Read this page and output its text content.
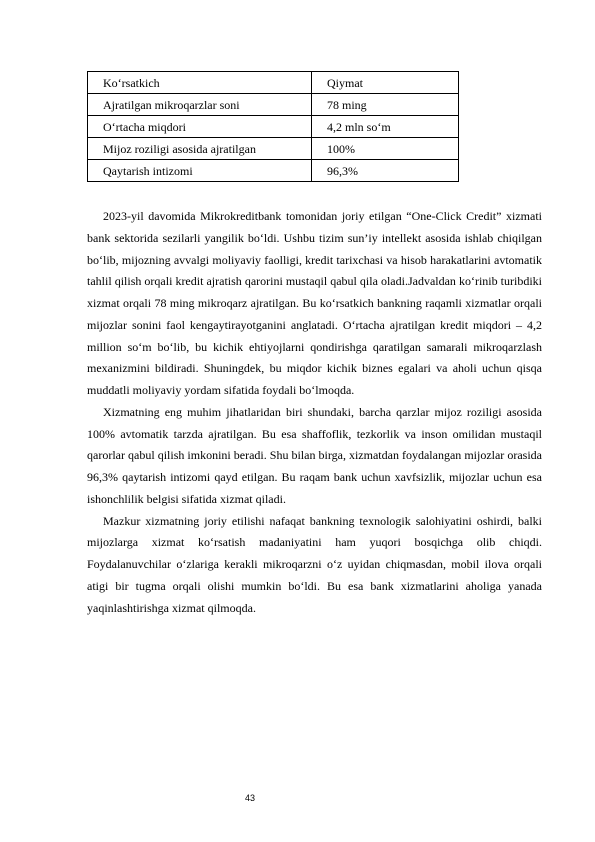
Ko‘rsatkich	Qiymat
Ajratilgan mikroqarzlar soni	78 ming
O‘rtacha miqdori	4,2 mln so‘m
Mijoz roziligi asosida ajratilgan	100%
Qaytarish intizomi	96,3%

2023-yil davomida Mikrokreditbank tomonidan joriy etilgan “One-Click Credit” xizmati bank sektorida sezilarli yangilik bo‘ldi. Ushbu tizim sun’iy intellekt asosida ishlab chiqilgan bo‘lib, mijozning avvalgi moliyaviy faolligi, kredit tarixchasi va hisob harakatlarini avtomatik tahlil qilish orqali kredit ajratish qarorini mustaqil qabul qila oladi.Jadvaldan ko‘rinib turibdiki xizmat orqali 78 ming mikroqarz ajratilgan. Bu ko‘rsatkich bankning raqamli xizmatlar orqali mijozlar sonini faol kengaytirayotganini anglatadi. O‘rtacha ajratilgan kredit miqdori – 4,2 million so‘m bo‘lib, bu kichik ehtiyojlarni qondirishga qaratilgan samarali mikroqarzlash mexanizmini bildiradi. Shuningdek, bu miqdor kichik biznes egalari va aholi uchun qisqa muddatli moliyaviy yordam sifatida foydali bo‘lmoqda.

Xizmatning eng muhim jihatlaridan biri shundaki, barcha qarzlar mijoz roziligi asosida 100% avtomatik tarzda ajratilgan. Bu esa shaffoflik, tezkorlik va inson omilidan mustaqil qarorlar qabul qilish imkonini beradi. Shu bilan birga, xizmatdan foydalangan mijozlar orasida 96,3% qaytarish intizomi qayd etilgan. Bu raqam bank uchun xavfsizlik, mijozlar uchun esa ishonchlilik belgisi sifatida xizmat qiladi.

Mazkur xizmatning joriy etilishi nafaqat bankning texnologik salohiyatini oshirdi, balki mijozlarga xizmat ko‘rsatish madaniyatini ham yuqori bosqichga olib chiqdi. Foydalanuvchilar o‘zlariga kerakli mikroqarzni o‘z uyidan chiqmasdan, mobil ilova orqali atigi bir tugma orqali olishi mumkin bo‘ldi. Bu esa bank xizmatlarini aholiga yanada yaqinlashtirishga xizmat qilmoqda.

43
